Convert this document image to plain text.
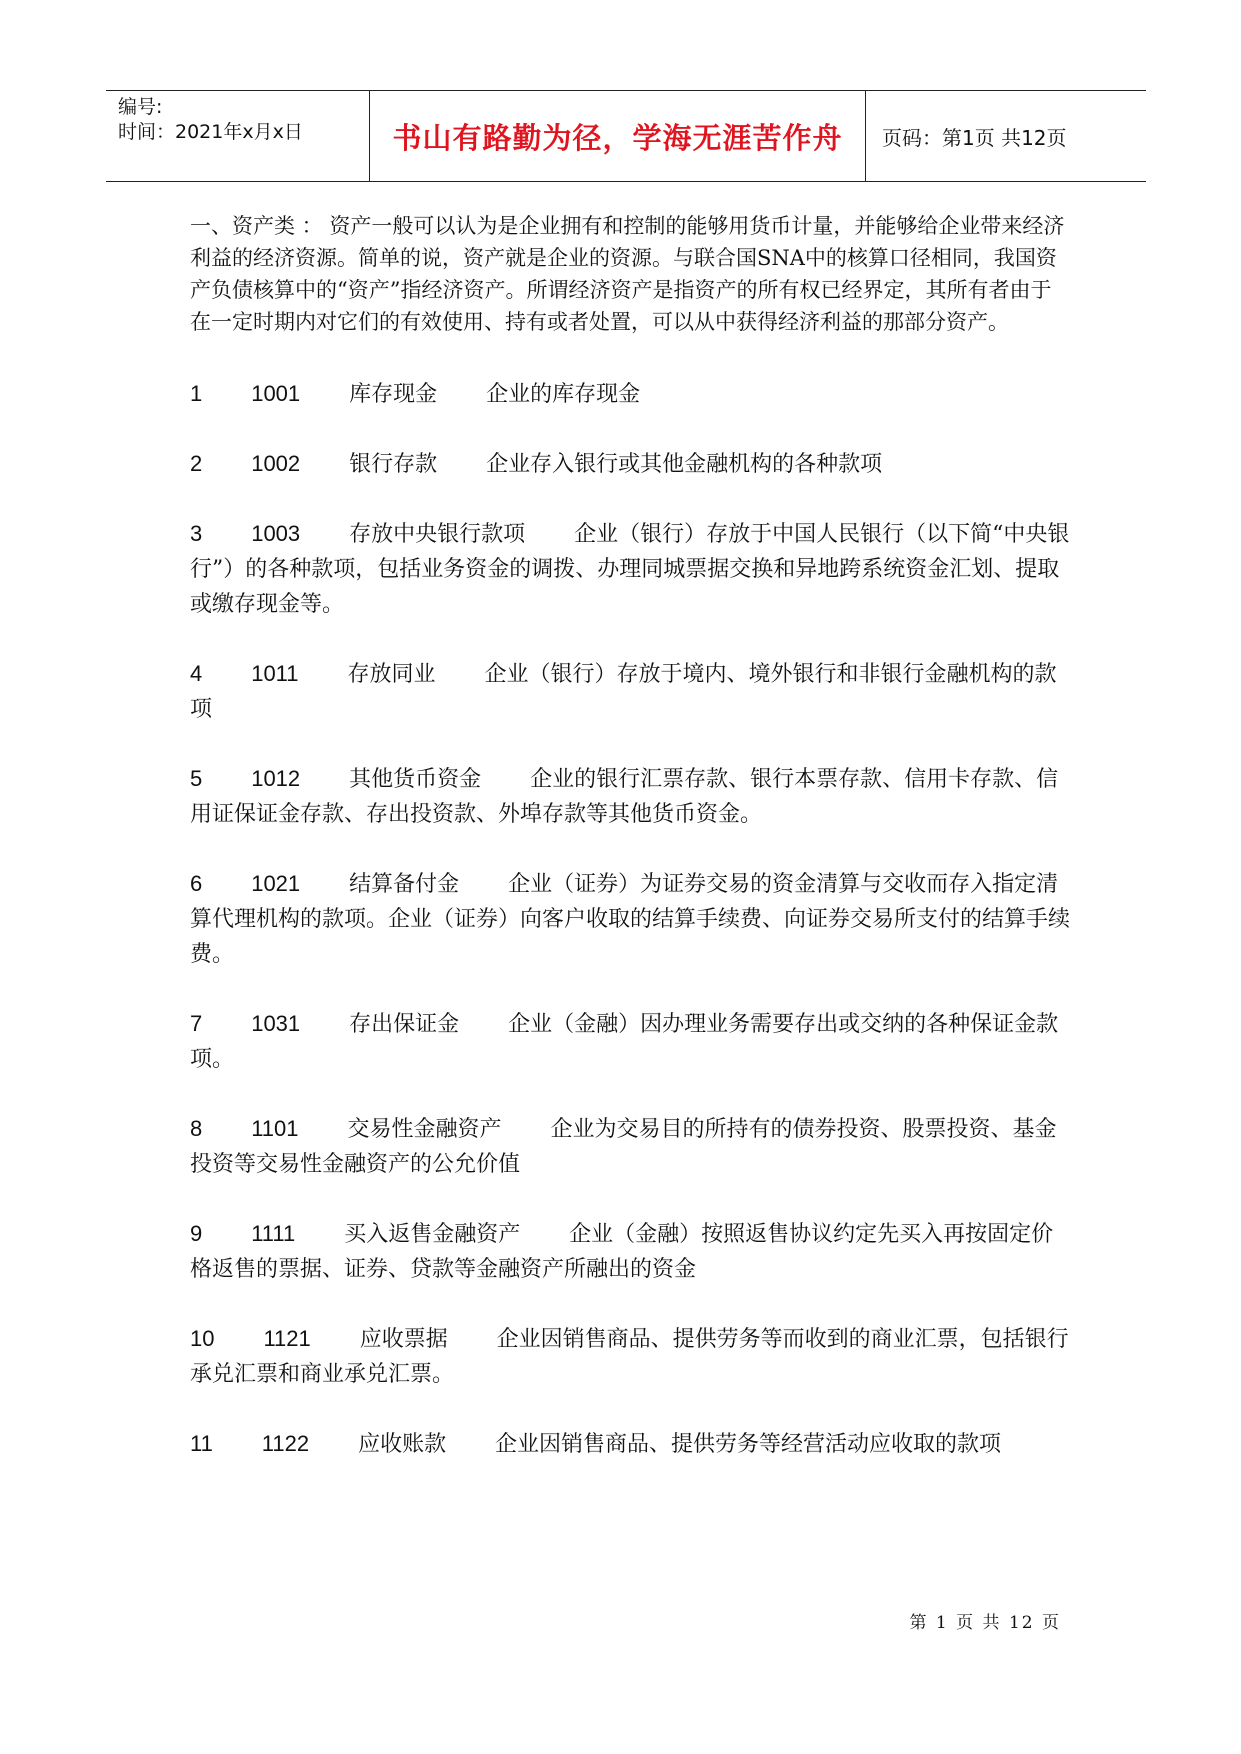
编号:
时间：2021年x月x日	书山有路勤为径，学海无涯苦作舟	页码：第1页 共12页

一、资产类 ： 资产一般可以认为是企业拥有和控制的能够用货币计量，并能够给企业带来经济利益的经济资源。简单的说，资产就是企业的资源。与联合国SNA中的核算口径相同，我国资产负债核算中的“资产”指经济资产。所谓经济资产是指资产的所有权已经界定，其所有者由于在一定时期内对它们的有效使用、持有或者处置，可以从中获得经济利益的那部分资产。

1 1001 库存现金 企业的库存现金

2 1002 银行存款 企业存入银行或其他金融机构的各种款项

3 1003 存放中央银行款项 企业（银行）存放于中国人民银行（以下简“中央银行”）的各种款项，包括业务资金的调拨、办理同城票据交换和异地跨系统资金汇划、提取或缴存现金等。

4 1011 存放同业 企业（银行）存放于境内、境外银行和非银行金融机构的款项

5 1012 其他货币资金 企业的银行汇票存款、银行本票存款、信用卡存款、信用证保证金存款、存出投资款、外埠存款等其他货币资金。

6 1021 结算备付金 企业（证券）为证券交易的资金清算与交收而存入指定清算代理机构的款项。企业（证券）向客户收取的结算手续费、向证券交易所支付的结算手续费。

7 1031 存出保证金 企业（金融）因办理业务需要存出或交纳的各种保证金款项。

8 1101 交易性金融资产 企业为交易目的所持有的债券投资、股票投资、基金投资等交易性金融资产的公允价值

9 1111 买入返售金融资产 企业（金融）按照返售协议约定先买入再按固定价格返售的票据、证券、贷款等金融资产所融出的资金

10 1121 应收票据 企业因销售商品、提供劳务等而收到的商业汇票，包括银行承兑汇票和商业承兑汇票。

11 1122 应收账款 企业因销售商品、提供劳务等经营活动应收取的款项

第 1 页 共 12 页
